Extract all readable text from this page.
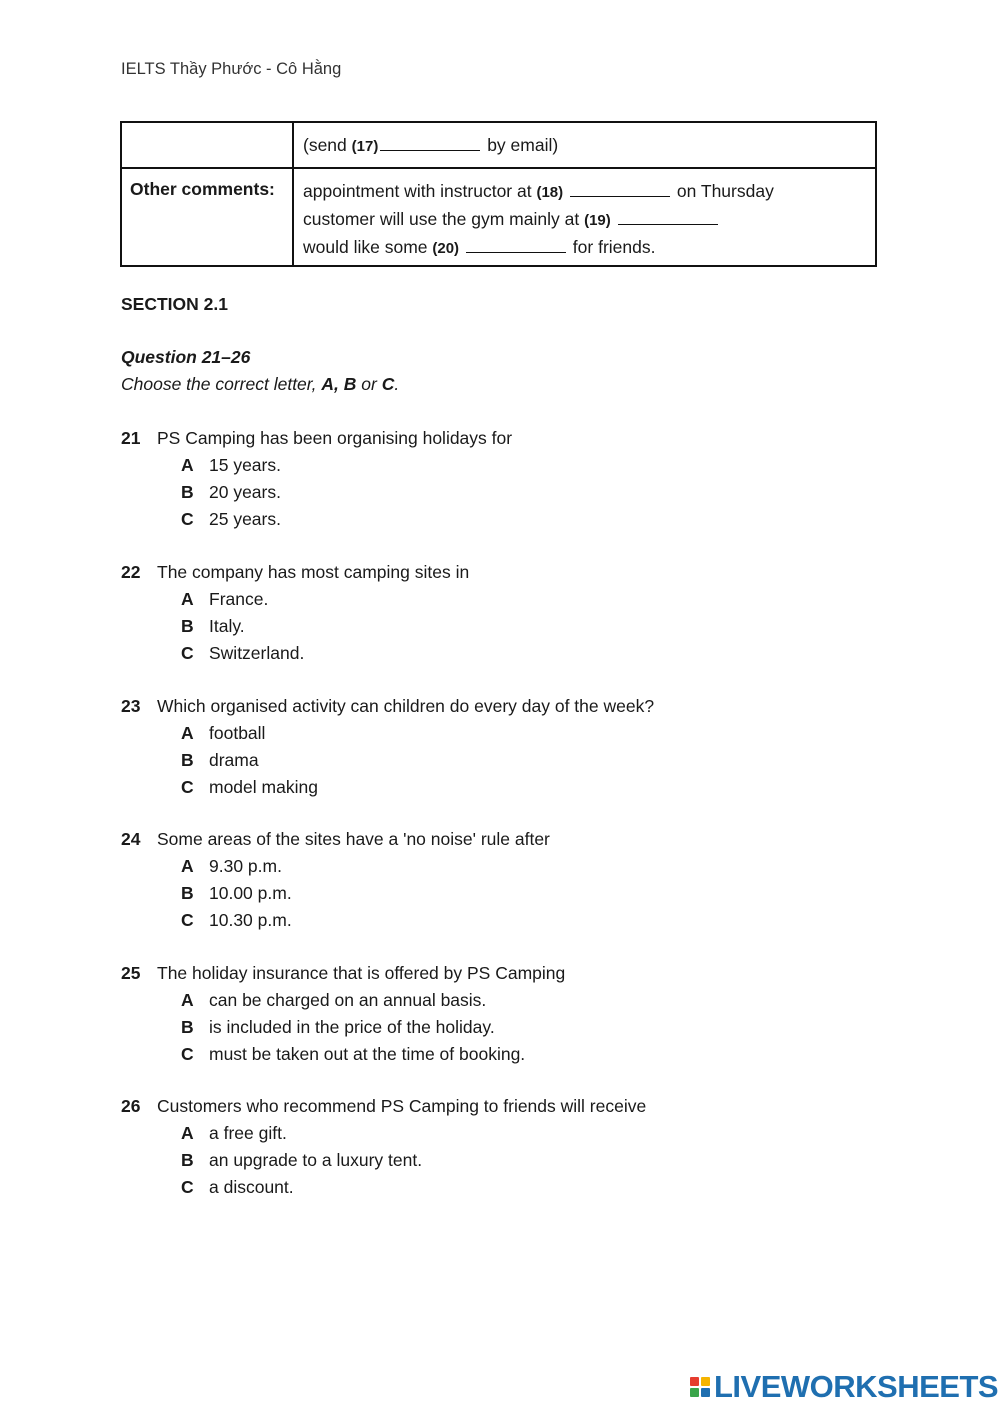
IELTS Thầy Phước - Cô Hằng

	(send (17) by email)

Other comments:	appointment with instructor at (18) on Thursday
customer will use the gym mainly at (19)
would like some (20) for friends.
SECTION 2.1
Question 21–26
Choose the correct letter, A, B or C.
21 PS Camping has been organising holidays for
A 15 years.
B 20 years.
C 25 years.
22 The company has most camping sites in
A France.
B Italy.
C Switzerland.
23 Which organised activity can children do every day of the week?
A football
B drama
C model making
24 Some areas of the sites have a 'no noise' rule after
A 9.30 p.m.
B 10.00 p.m.
C 10.30 p.m.
25 The holiday insurance that is offered by PS Camping
A can be charged on an annual basis.
B is included in the price of the holiday.
C must be taken out at the time of booking.
26 Customers who recommend PS Camping to friends will receive
A a free gift.
B an upgrade to a luxury tent.
C a discount.
LIVEWORKSHEETS
